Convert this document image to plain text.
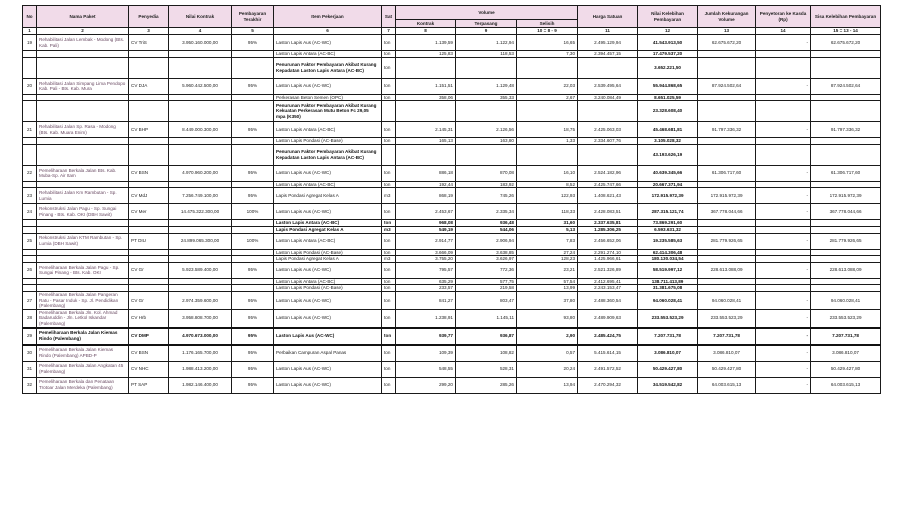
No	Nama Paket	Penyedia	Nilai Kontrak	Pembayaran Terakhir	Item Pekerjaan	Sat	Volume			Harga Satuan	Nilai Kelebihan Pembayaran	Jumlah Kekurangan Volume	Penyetoran ke Kasda (Rp)	Sisa Kelebihan Pembayaran
							Kontrak	Terpasang	Selisih					
1	2	3	4	5	6	7	8	9	10 = 8 - 9	11	12	13	14	15 = 13 - 14
19	Rehabilitasi Jalan Lembak - Modong (Bts. Kab. Pali)	CV TriS	3.950.160.000,00	95%	Laston Lapis Aus (AC-WC)	ton	1.139,59	1.122,94	16,65	2.495.129,94	41.543.913,50	62.675.672,20	-	62.675.672,20
					Laston Lapis Antara (AC-BC)	ton	125,83	118,53	7,30	2.394.457,15	17.479.537,20			
					Penurunan Faktor Pembayaran Akibat Kurang Kepadatan Laston Lapis Antara (AC-BC)	ton					3.652.221,50			
20	Rehabilitasi Jalan Simpang Lima Pendopo Kab. Pali - Bts. Kab. Mura	CV DJA	5.960.442.500,00	95%	Laston Lapis Aus (AC-WC)	ton	1.151,51	1.129,48	22,03	2.539.495,64	55.944.868,65	87.924.502,64	-	87.924.502,64
					Perkerasan Beton Semen (OPC)	ton	358,06	355,33	2,67	3.240.084,49	8.651.025,59			
					Penurunan Faktor Pembayaran Akibat Kurang Kekuatan Perkerasan Mutu Beton Fc 29,05 mpa (K350)						23.328.608,40			
21	Rehabilitasi Jalan Sp. Rasa - Modong (Bts. Kab. Muara Enim)	CV BHP	8.449.000.300,00	95%	Laston Lapis Antara (AC-BC)	ton	2.145,31	2.126,56	18,75	2.425.063,03	45.468.681,81	91.797.336,32	-	91.797.336,32
					Laston Lapis Pondasi (AC-Base)	ton	165,13	163,80	1,33	2.334.607,76	3.105.028,32			
					Penurunan Faktor Pembayaran Akibat Kurang Kepadatan Laston Lapis Antara (AC-BC)						43.193.626,19			
22	Pemeliharaan Berkala Jalan Bts. Kab. Muba-Sp. Air Itam	CV BSN	4.970.960.200,00	95%	Laston Lapis Aus (AC-WC)	ton	886,18	870,08	16,10	2.524.182,96	40.639.345,66	61.306.717,60	-	61.306.717,60
					Laston Lapis Antara (AC-BC)	ton	192,44	183,92	8,52	2.425.747,66	20.667.371,94			
23	Rehabilitasi Jalan Km Rambutan - Sp. Lumia	CV MdJ	7.256.749.100,00	95%	Lapis Pondasi Agregat Kelas A	m3	868,19	745,26	122,93	1.408.621,43	172.915.972,39	172.915.972,39	-	172.915.972,39
24	Rekonstruksi Jalan Pagu - Sp. Sungai Pinang - Bts. Kab. OKI (DBH Sawit)	CV Mer	14.475.322.300,00	100%	Laston Lapis Aus (AC-WC)	ton	2.453,67	2.335,34	118,33	2.428.083,51	287.315.121,74	367.778.044,66	-	367.778.044,66
					Laston Lapis Antara (AC-BC)	ton	968,08	936,48	31,60	2.337.635,81	73.869.291,60			
					Lapis Pondasi Agregat Kelas A	m3	549,19	544,06	5,13	1.285.306,25	6.593.631,32			
25	Rekonstruksi Jalan KTM Rambutan - Sp. Lumia (DBH Sawit)	PT DIU	24.899.065.300,00	100%	Laston Lapis Antara (AC-BC)	ton	2.914,77	2.906,94	7,83	2.456.652,06	19.235.585,63	281.779.926,65	-	281.779.926,65
					Laston Lapis Pondasi (AC-Base)	ton	3.666,09	3.638,85	27,24	2.291.274,10	62.414.306,48			
					Lapis Pondasi Agregat Kelas A	m3	3.755,20	3.626,97	128,23	1.425.966,61	180.130.034,54			
26	Pemeliharaan Berkala Jalan Pagu - Sp. Sungai Pinang - Bts. Kab. OKI	CV Gr	5.923.589.400,00	95%	Laston Lapis Aus (AC-WC)	ton	795,57	772,36	23,21	2.521.326,89	58.519.997,12	228.613.088,09	-	228.613.088,09
					Laston Lapis Antara (AC-BC)	ton	635,29	577,75	57,54	2.412.695,41	138.711.413,89			
					Laston Lapis Pondasi (AC-Base)	ton	233,57	219,58	13,99	2.243.153,47	31.381.675,08			
27	Pemeliharaan Berkala Jalan Pangeran Ratu - Pasar Induk - Sp. Jl. Pendidikan (Palembang)	CV Gr	2.974.359.600,00	95%	Laston Lapis Aus (AC-WC)	ton	841,27	803,47	37,80	2.488.360,54	94.060.028,41	94.060.028,41	-	94.060.028,41
28	Pemeliharaan Berkala Jln. Kol. Ahmad Badaruddin - Jln. Letkol Iskandar (Palembang)	CV Hrb	3.958.808.700,00	95%	Laston Lapis Aus (AC-WC)	ton	1.238,91	1.145,11	93,80	2.489.909,63	233.553.523,29	233.553.523,29	-	233.553.523,29
29	Pemeliharaan Berkala Jalan Kiemas Rindo (Palembang)	CV DMP	4.970.673.000,00	95%	Laston Lapis Aus (AC-WC)	ton	939,77	936,87	2,90	2.485.424,75	7.207.731,78	7.207.731,78	-	7.207.731,78
30	Pemeliharaan Berkala Jalan Kiemas Rindo (Palembang) APBD-P	CV BSN	1.176.165.700,00	95%	Perbaikan Campuran Aspal Panas	ton	109,39	108,82	0,57	5.415.614,15	3.086.810,07	3.086.810,07	-	3.086.810,07
31	Pemeliharaan Berkala Jalan Angkatan 45 (Palembang)	CV NHC	1.988.413.200,00	95%	Laston Lapis Aus (AC-WC)	ton	548,55	528,31	20,24	2.491.572,52	50.429.427,80	50.429.427,80	-	50.429.427,80
32	Pemeliharaan Berkala dan Penataan Trotoar Jalan Merdeka (Palembang)	PT SAP	1.982.146.400,00	95%	Laston Lapis Aus (AC-WC)	ton	299,20	285,26	13,94	2.470.294,32	34.519.542,82	64.003.615,13	-	64.003.615,13
